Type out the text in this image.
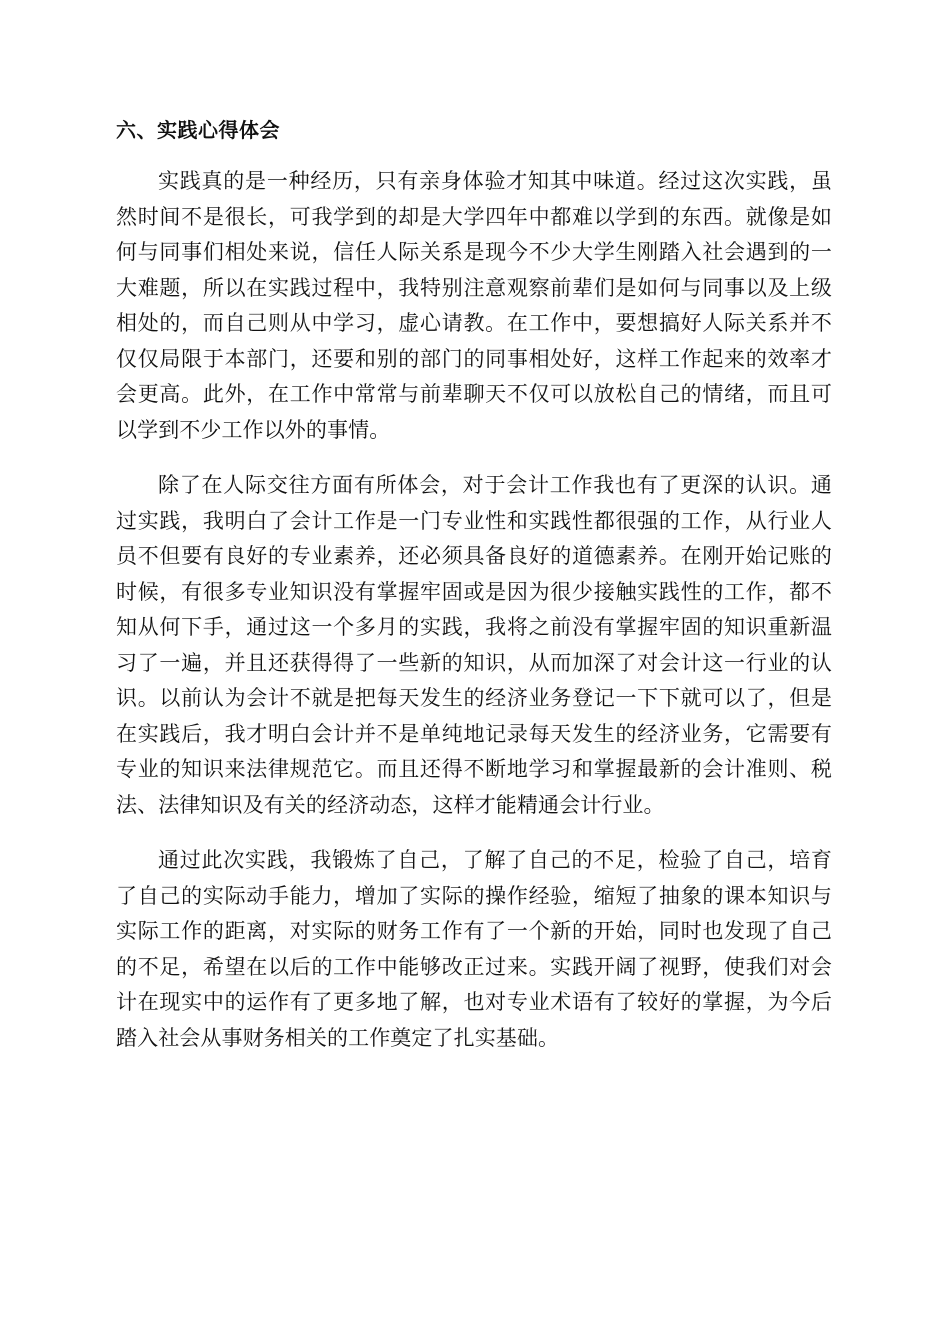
六、实践心得体会

实践真的是一种经历，只有亲身体验才知其中味道。经过这次实践，虽然时间不是很长，可我学到的却是大学四年中都难以学到的东西。就像是如何与同事们相处来说，信任人际关系是现今不少大学生刚踏入社会遇到的一大难题，所以在实践过程中，我特别注意观察前辈们是如何与同事以及上级相处的，而自己则从中学习，虚心请教。在工作中，要想搞好人际关系并不仅仅局限于本部门，还要和别的部门的同事相处好，这样工作起来的效率才会更高。此外，在工作中常常与前辈聊天不仅可以放松自己的情绪，而且可以学到不少工作以外的事情。

除了在人际交往方面有所体会，对于会计工作我也有了更深的认识。通过实践，我明白了会计工作是一门专业性和实践性都很强的工作，从行业人员不但要有良好的专业素养，还必须具备良好的道德素养。在刚开始记账的时候，有很多专业知识没有掌握牢固或是因为很少接触实践性的工作，都不知从何下手，通过这一个多月的实践，我将之前没有掌握牢固的知识重新温习了一遍，并且还获得得了一些新的知识，从而加深了对会计这一行业的认识。以前认为会计不就是把每天发生的经济业务登记一下下就可以了，但是在实践后，我才明白会计并不是单纯地记录每天发生的经济业务，它需要有专业的知识来法律规范它。而且还得不断地学习和掌握最新的会计准则、税法、法律知识及有关的经济动态，这样才能精通会计行业。

通过此次实践，我锻炼了自己，了解了自己的不足，检验了自己，培育了自己的实际动手能力，增加了实际的操作经验，缩短了抽象的课本知识与实际工作的距离，对实际的财务工作有了一个新的开始，同时也发现了自己的不足，希望在以后的工作中能够改正过来。实践开阔了视野，使我们对会计在现实中的运作有了更多地了解，也对专业术语有了较好的掌握，为今后踏入社会从事财务相关的工作奠定了扎实基础。
